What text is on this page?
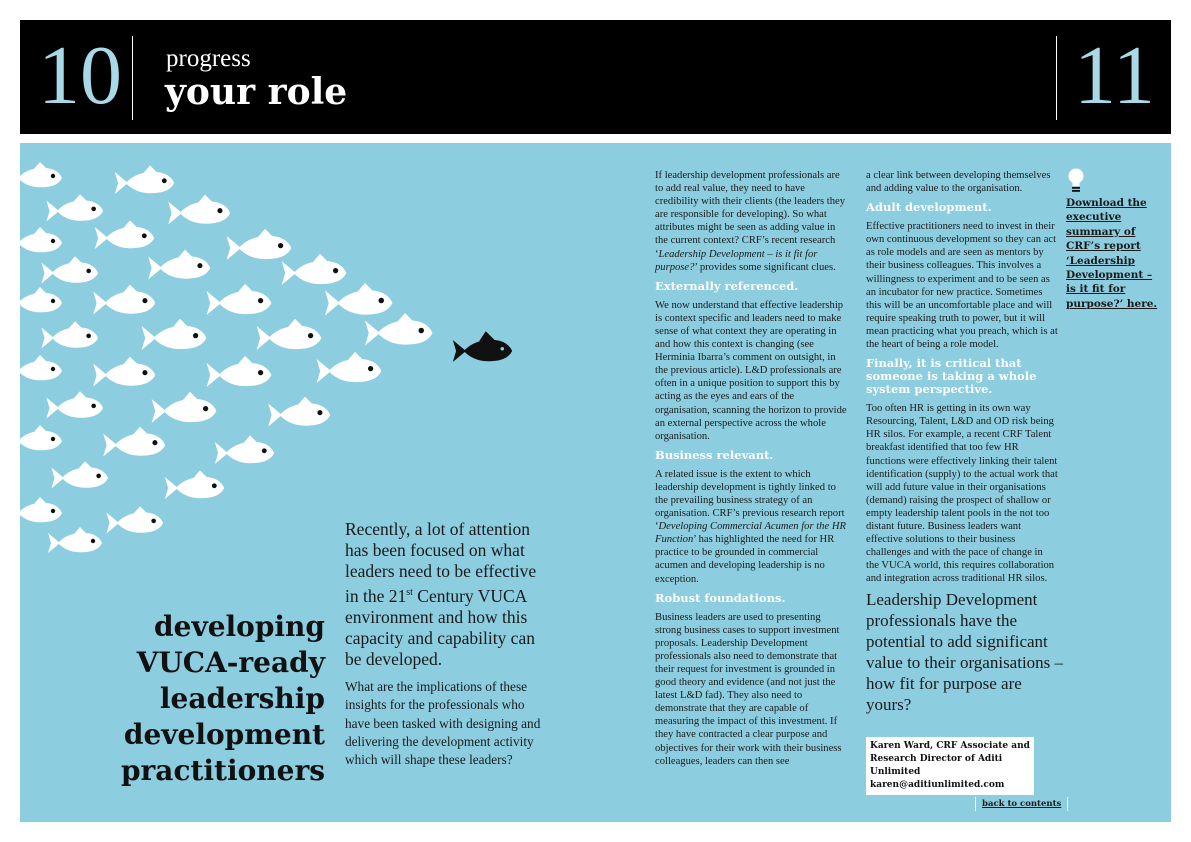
10 progress
your role	11
developing
VUCA-ready
leadership
development
practitioners
Recently, a lot of attention has been focused on what leaders need to be effective in the 21st Century VUCA environment and how this capacity and capability can be developed.
What are the implications of these insights for the professionals who have been tasked with designing and delivering the development activity which will shape these leaders?

If leadership development professionals are to add real value, they need to have credibility with their clients (the leaders they are responsible for developing). So what attributes might be seen as adding value in the current context? CRF’s recent research ‘Leadership Development – is it fit for purpose?’ provides some significant clues.

Externally referenced.

We now understand that effective leadership is context specific and leaders need to make sense of what context they are operating in and how this context is changing (see Herminia Ibarra’s comment on outsight, in the previous article). L&D professionals are often in a unique position to support this by acting as the eyes and ears of the organisation, scanning the horizon to provide an external perspective across the whole organisation.

Business relevant.

A related issue is the extent to which leadership development is tightly linked to the prevailing business strategy of an organisation. CRF’s previous research report ‘Developing Commercial Acumen for the HR Function’ has highlighted the need for HR practice to be grounded in commercial acumen and developing leadership is no exception.

Robust foundations.

Business leaders are used to presenting strong business cases to support investment proposals. Leadership Development professionals also need to demonstrate that their request for investment is grounded in good theory and evidence (and not just the latest L&D fad). They also need to demonstrate that they are capable of measuring the impact of this investment. If they have contracted a clear purpose and objectives for their work with their business colleagues, leaders can then see

a clear link between developing themselves and adding value to the organisation.

Adult development.

Effective practitioners need to invest in their own continuous development so they can act as role models and are seen as mentors by their business colleagues. This involves a willingness to experiment and to be seen as an incubator for new practice. Sometimes this will be an uncomfortable place and will require speaking truth to power, but it will mean practicing what you preach, which is at the heart of being a role model.

Finally, it is critical that someone is taking a whole system perspective.

Too often HR is getting in its own way Resourcing, Talent, L&D and OD risk being HR silos. For example, a recent CRF Talent breakfast identified that too few HR functions were effectively linking their talent identification (supply) to the actual work that will add future value in their organisations (demand) raising the prospect of shallow or empty leadership talent pools in the not too distant future. Business leaders want effective solutions to their business challenges and with the pace of change in the VUCA world, this requires collaboration and integration across traditional HR silos.

Leadership Development professionals have the potential to add significant value to their organisations – how fit for purpose are yours?
Karen Ward, CRF Associate and
Research Director of Aditi Unlimited
karen@aditiunlimited.com
Download the executive summary of CRF’s report ‘Leadership Development – is it fit for purpose?’ here.
back to contents
